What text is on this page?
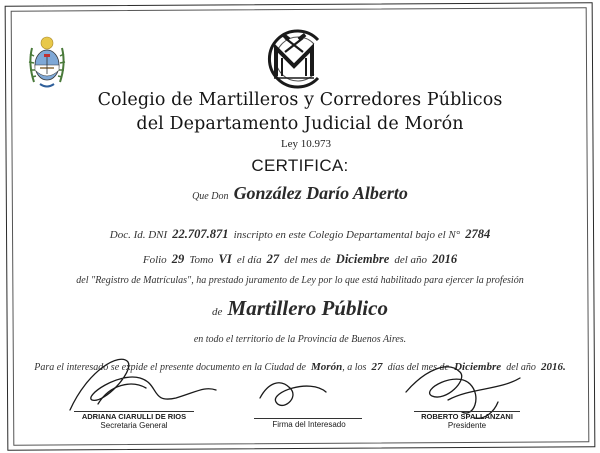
Colegio de Martilleros y Corredores Públicos
del Departamento Judicial de Morón
Ley 10.973
CERTIFICA:
Que Don González Darío Alberto
Doc. Id. DNI 22.707.871 inscripto en este Colegio Departamental bajo el N° 2784
Folio 29 Tomo VI el día 27 del mes de Diciembre del año 2016
del "Registro de Matrículas", ha prestado juramento de Ley por lo que está habilitado para ejercer la profesión
de Martillero Público
en todo el territorio de la Provincia de Buenos Aires.
Para el interesado se expide el presente documento en la Ciudad de Morón, a los 27 días del mes de Diciembre del año 2016.
ADRIANA CIARULLI DE RIOS
Secretaria General	Firma del Interesado
ROBERTO SPALLANZANI
Presidente
